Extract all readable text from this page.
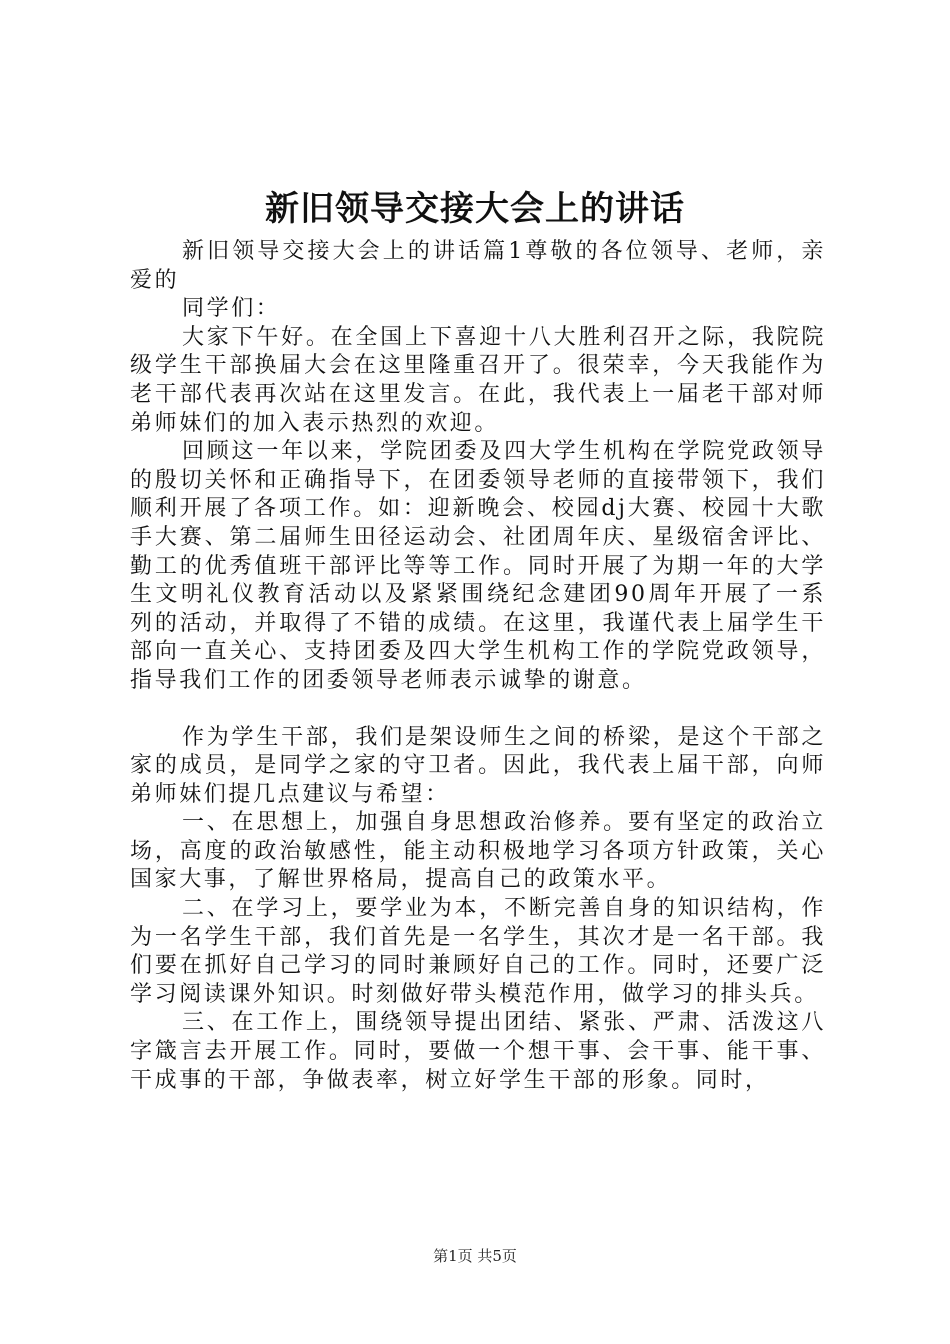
新旧领导交接大会上的讲话

新旧领导交接大会上的讲话篇1尊敬的各位领导、老师，亲爱的

同学们：

大家下午好。在全国上下喜迎十八大胜利召开之际，我院院级学生干部换届大会在这里隆重召开了。很荣幸，今天我能作为老干部代表再次站在这里发言。在此，我代表上一届老干部对师弟师妹们的加入表示热烈的欢迎。

回顾这一年以来，学院团委及四大学生机构在学院党政领导的殷切关怀和正确指导下，在团委领导老师的直接带领下，我们顺利开展了各项工作。如：迎新晚会、校园dj大赛、校园十大歌手大赛、第二届师生田径运动会、社团周年庆、星级宿舍评比、勤工的优秀值班干部评比等等工作。同时开展了为期一年的大学生文明礼仪教育活动以及紧紧围绕纪念建团90周年开展了一系列的活动，并取得了不错的成绩。在这里，我谨代表上届学生干部向一直关心、支持团委及四大学生机构工作的学院党政领导，指导我们工作的团委领导老师表示诚挚的谢意。

作为学生干部，我们是架设师生之间的桥梁，是这个干部之家的成员，是同学之家的守卫者。因此，我代表上届干部，向师弟师妹们提几点建议与希望：

一、在思想上，加强自身思想政治修养。要有坚定的政治立场，高度的政治敏感性，能主动积极地学习各项方针政策，关心国家大事，了解世界格局，提高自己的政策水平。

二、在学习上，要学业为本，不断完善自身的知识结构，作为一名学生干部，我们首先是一名学生，其次才是一名干部。我们要在抓好自己学习的同时兼顾好自己的工作。同时，还要广泛学习阅读课外知识。时刻做好带头模范作用，做学习的排头兵。

三、在工作上，围绕领导提出团结、紧张、严肃、活泼这八字箴言去开展工作。同时，要做一个想干事、会干事、能干事、干成事的干部，争做表率，树立好学生干部的形象。同时，

第1页 共5页
